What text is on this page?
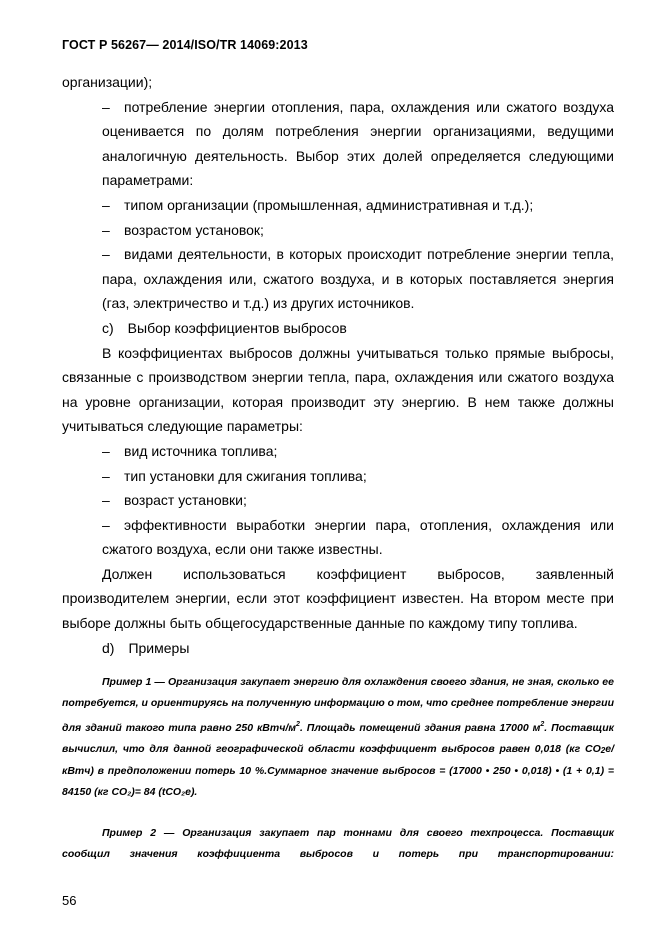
ГОСТ Р 56267— 2014/ISO/TR 14069:2013

организации);

– потребление энергии отопления, пара, охлаждения или сжатого воздуха оценивается по долям потребления энергии организациями, ведущими аналогичную деятельность. Выбор этих долей определяется следующими параметрами:

– типом организации (промышленная, административная и т.д.);

– возрастом установок;

– видами деятельности, в которых происходит потребление энергии тепла, пара, охлаждения или, сжатого воздуха, и в которых поставляется энергия (газ, электричество и т.д.) из других источников.

c) Выбор коэффициентов выбросов

В коэффициентах выбросов должны учитываться только прямые выбросы, связанные с производством энергии тепла, пара, охлаждения или сжатого воздуха на уровне организации, которая производит эту энергию. В нем также должны учитываться следующие параметры:

– вид источника топлива;

– тип установки для сжигания топлива;

– возраст установки;

– эффективности выработки энергии пара, отопления, охлаждения или сжатого воздуха, если они также известны.

Должен использоваться коэффициент выбросов, заявленный производителем энергии, если этот коэффициент известен. На втором месте при выборе должны быть общегосударственные данные по каждому типу топлива.

d) Примеры

Пример 1 — Организация закупает энергию для охлаждения своего здания, не зная, сколько ее потребуется, и ориентируясь на полученную информацию о том, что среднее потребление энергии для зданий такого типа равно 250 кВтч/$м^2$. Площадь помещений здания равна 17000 $м^2$. Поставщик вычислил, что для данной географической области коэффициент выбросов равен 0,018 (кг $CO_2е/кВтч$) в предположении потерь 10 %.Суммарное значение выбросов = (17000 • 250 • 0,018) • (1 + 0,1) = 84150 (кг CO₂)= 84 (tCO₂е).

Пример 2 — Организация закупает пар тоннами для своего техпроцесса. Поставщик сообщил значения коэффициента выбросов и потерь при транспортировании:

56
